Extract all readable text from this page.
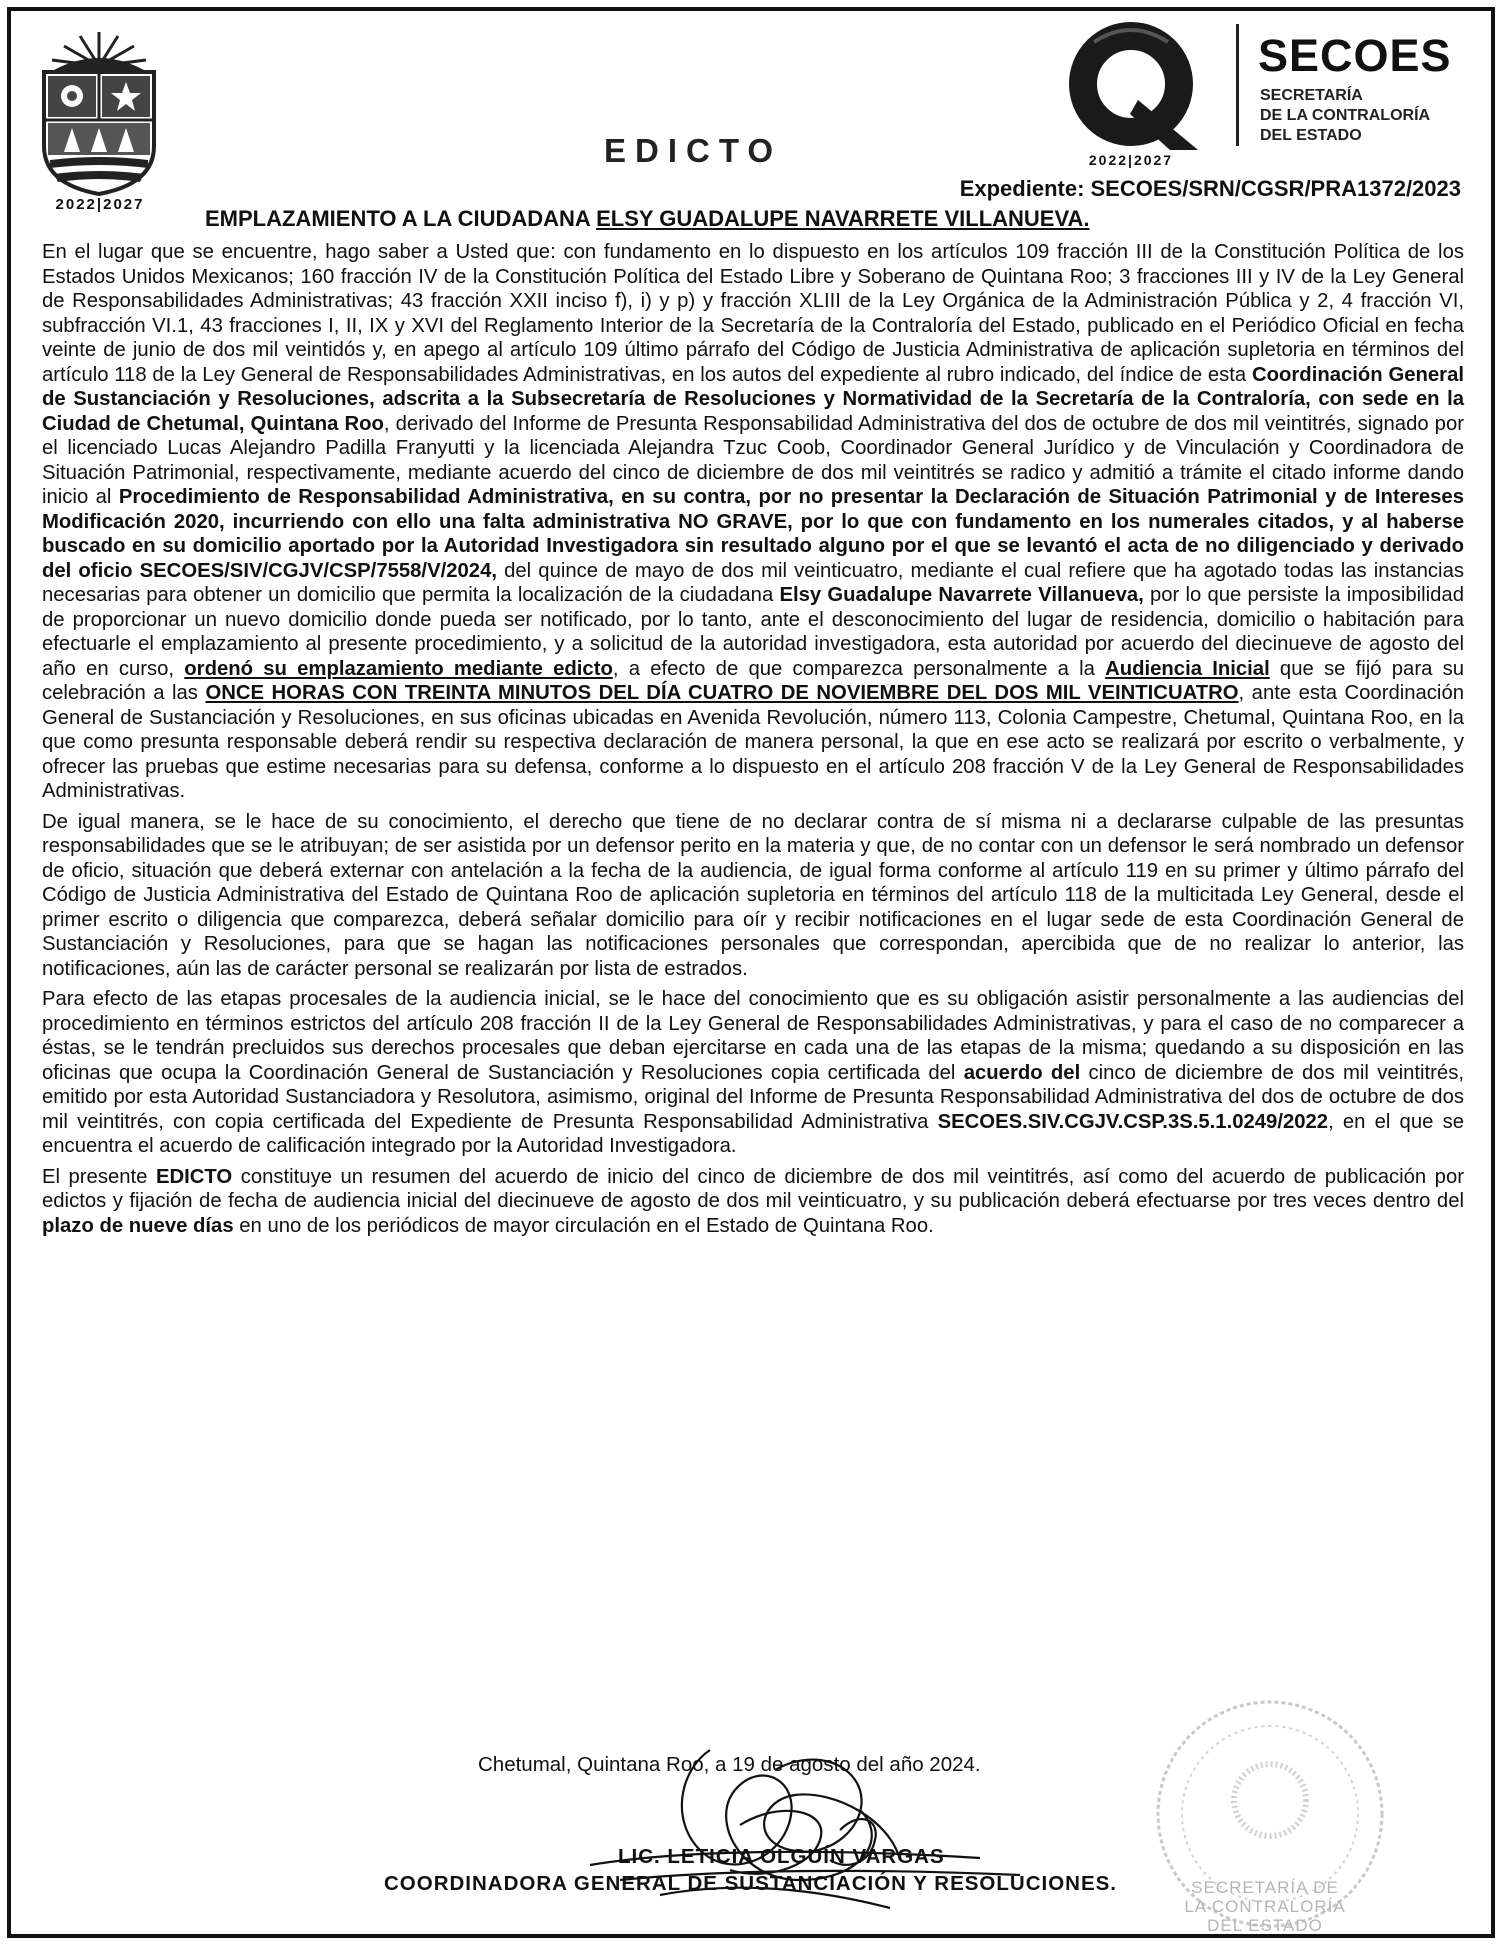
2022|2027
2022|2027
SECOES
SECRETARÍA
DE LA CONTRALORÍA
DEL ESTADO
EDICTO
Expediente: SECOES/SRN/CGSR/PRA1372/2023
EMPLAZAMIENTO A LA CIUDADANA ELSY GUADALUPE NAVARRETE VILLANUEVA.

En el lugar que se encuentre, hago saber a Usted que: con fundamento en lo dispuesto en los artículos 109 fracción III de la Constitución Política de los Estados Unidos Mexicanos; 160 fracción IV de la Constitución Política del Estado Libre y Soberano de Quintana Roo; 3 fracciones III y IV de la Ley General de Responsabilidades Administrativas; 43 fracción XXII inciso f), i) y p) y fracción XLIII de la Ley Orgánica de la Administración Pública y 2, 4 fracción VI, subfracción VI.1, 43 fracciones I, II, IX y XVI del Reglamento Interior de la Secretaría de la Contraloría del Estado, publicado en el Periódico Oficial en fecha veinte de junio de dos mil veintidós y, en apego al artículo 109 último párrafo del Código de Justicia Administrativa de aplicación supletoria en términos del artículo 118 de la Ley General de Responsabilidades Administrativas, en los autos del expediente al rubro indicado, del índice de esta Coordinación General de Sustanciación y Resoluciones, adscrita a la Subsecretaría de Resoluciones y Normatividad de la Secretaría de la Contraloría, con sede en la Ciudad de Chetumal, Quintana Roo, derivado del Informe de Presunta Responsabilidad Administrativa del dos de octubre de dos mil veintitrés, signado por el licenciado Lucas Alejandro Padilla Franyutti y la licenciada Alejandra Tzuc Coob, Coordinador General Jurídico y de Vinculación y Coordinadora de Situación Patrimonial, respectivamente, mediante acuerdo del cinco de diciembre de dos mil veintitrés se radico y admitió a trámite el citado informe dando inicio al Procedimiento de Responsabilidad Administrativa, en su contra, por no presentar la Declaración de Situación Patrimonial y de Intereses Modificación 2020, incurriendo con ello una falta administrativa NO GRAVE, por lo que con fundamento en los numerales citados, y al haberse buscado en su domicilio aportado por la Autoridad Investigadora sin resultado alguno por el que se levantó el acta de no diligenciado y derivado del oficio SECOES/SIV/CGJV/CSP/7558/V/2024, del quince de mayo de dos mil veinticuatro, mediante el cual refiere que ha agotado todas las instancias necesarias para obtener un domicilio que permita la localización de la ciudadana Elsy Guadalupe Navarrete Villanueva, por lo que persiste la imposibilidad de proporcionar un nuevo domicilio donde pueda ser notificado, por lo tanto, ante el desconocimiento del lugar de residencia, domicilio o habitación para efectuarle el emplazamiento al presente procedimiento, y a solicitud de la autoridad investigadora, esta autoridad por acuerdo del diecinueve de agosto del año en curso, ordenó su emplazamiento mediante edicto, a efecto de que comparezca personalmente a la Audiencia Inicial que se fijó para su celebración a las ONCE HORAS CON TREINTA MINUTOS DEL DÍA CUATRO DE NOVIEMBRE DEL DOS MIL VEINTICUATRO, ante esta Coordinación General de Sustanciación y Resoluciones, en sus oficinas ubicadas en Avenida Revolución, número 113, Colonia Campestre, Chetumal, Quintana Roo, en la que como presunta responsable deberá rendir su respectiva declaración de manera personal, la que en ese acto se realizará por escrito o verbalmente, y ofrecer las pruebas que estime necesarias para su defensa, conforme a lo dispuesto en el artículo 208 fracción V de la Ley General de Responsabilidades Administrativas.

De igual manera, se le hace de su conocimiento, el derecho que tiene de no declarar contra de sí misma ni a declararse culpable de las presuntas responsabilidades que se le atribuyan; de ser asistida por un defensor perito en la materia y que, de no contar con un defensor le será nombrado un defensor de oficio, situación que deberá externar con antelación a la fecha de la audiencia, de igual forma conforme al artículo 119 en su primer y último párrafo del Código de Justicia Administrativa del Estado de Quintana Roo de aplicación supletoria en términos del artículo 118 de la multicitada Ley General, desde el primer escrito o diligencia que comparezca, deberá señalar domicilio para oír y recibir notificaciones en el lugar sede de esta Coordinación General de Sustanciación y Resoluciones, para que se hagan las notificaciones personales que correspondan, apercibida que de no realizar lo anterior, las notificaciones, aún las de carácter personal se realizarán por lista de estrados.

Para efecto de las etapas procesales de la audiencia inicial, se le hace del conocimiento que es su obligación asistir personalmente a las audiencias del procedimiento en términos estrictos del artículo 208 fracción II de la Ley General de Responsabilidades Administrativas, y para el caso de no comparecer a éstas, se le tendrán precluidos sus derechos procesales que deban ejercitarse en cada una de las etapas de la misma; quedando a su disposición en las oficinas que ocupa la Coordinación General de Sustanciación y Resoluciones copia certificada del acuerdo del cinco de diciembre de dos mil veintitrés, emitido por esta Autoridad Sustanciadora y Resolutora, asimismo, original del Informe de Presunta Responsabilidad Administrativa del dos de octubre de dos mil veintitrés, con copia certificada del Expediente de Presunta Responsabilidad Administrativa SECOES.SIV.CGJV.CSP.3S.5.1.0249/2022, en el que se encuentra el acuerdo de calificación integrado por la Autoridad Investigadora.

El presente EDICTO constituye un resumen del acuerdo de inicio del cinco de diciembre de dos mil veintitrés, así como del acuerdo de publicación por edictos y fijación de fecha de audiencia inicial del diecinueve de agosto de dos mil veinticuatro, y su publicación deberá efectuarse por tres veces dentro del plazo de nueve días en uno de los periódicos de mayor circulación en el Estado de Quintana Roo.

SECRETARÍA DE
LA CONTRALORÍA
DEL ESTADO
Chetumal, Quintana Roo, a 19 de agosto del año 2024.
LIC. LETICIA OLGUÍN VARGAS
COORDINADORA GENERAL DE SUSTANCIACIÓN Y RESOLUCIONES.
